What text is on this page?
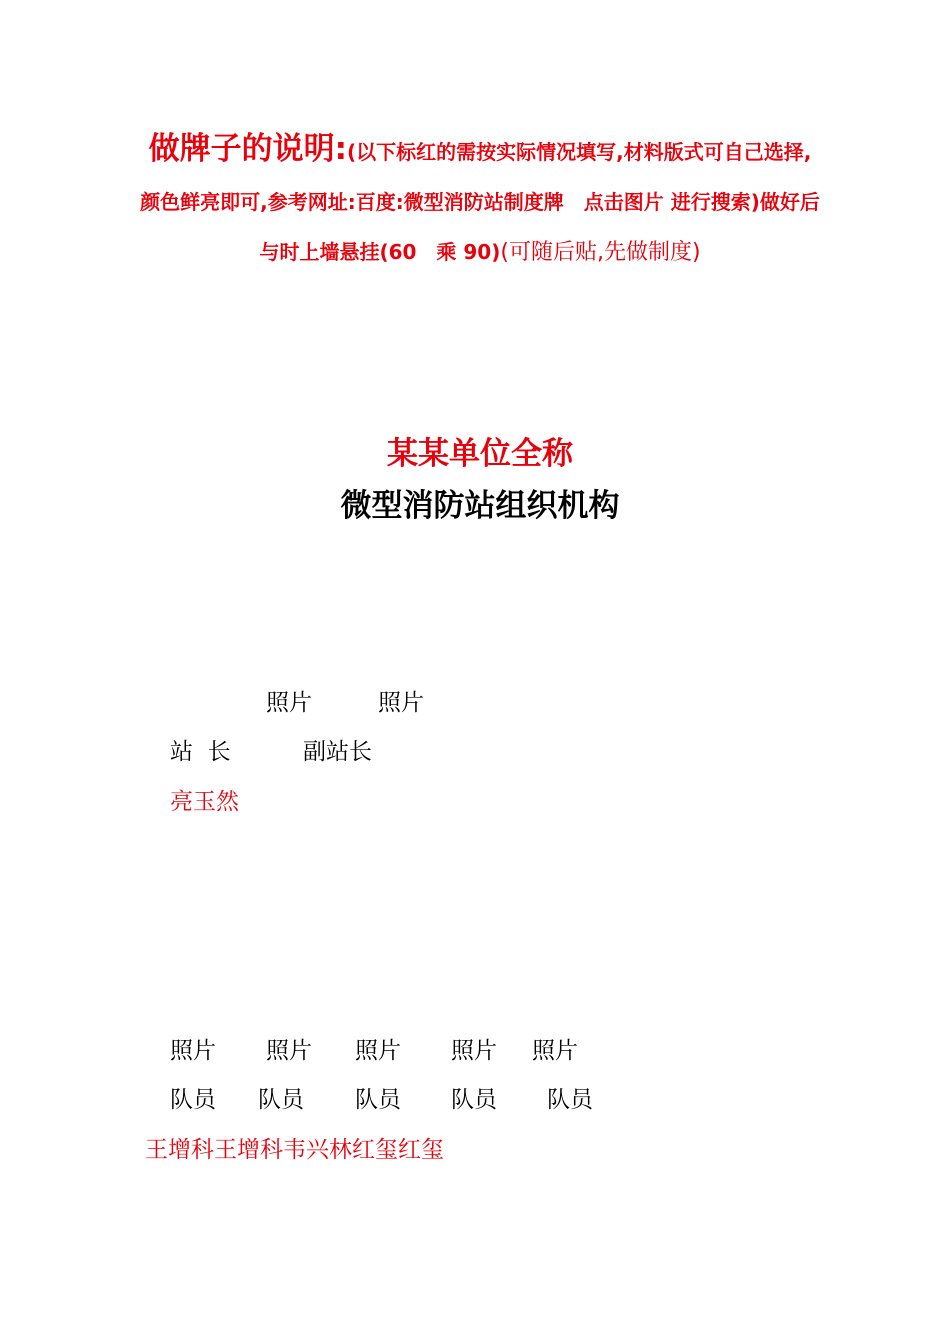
做牌子的说明:(以下标红的需按实际情况填写,材料版式可自己选择,颜色鲜亮即可,参考网址:百度:微型消防站制度牌　点击图片 进行搜索)做好后与时上墙悬挂(60　乘 90)(可随后贴,先做制度)
某某单位全称
微型消防站组织机构
照片	照片
站  长	副站长
亮玉然
照片 照片 照片 照片 照片
队员 队员 队员 队员 队员
王增科王增科韦兴林红玺红玺
